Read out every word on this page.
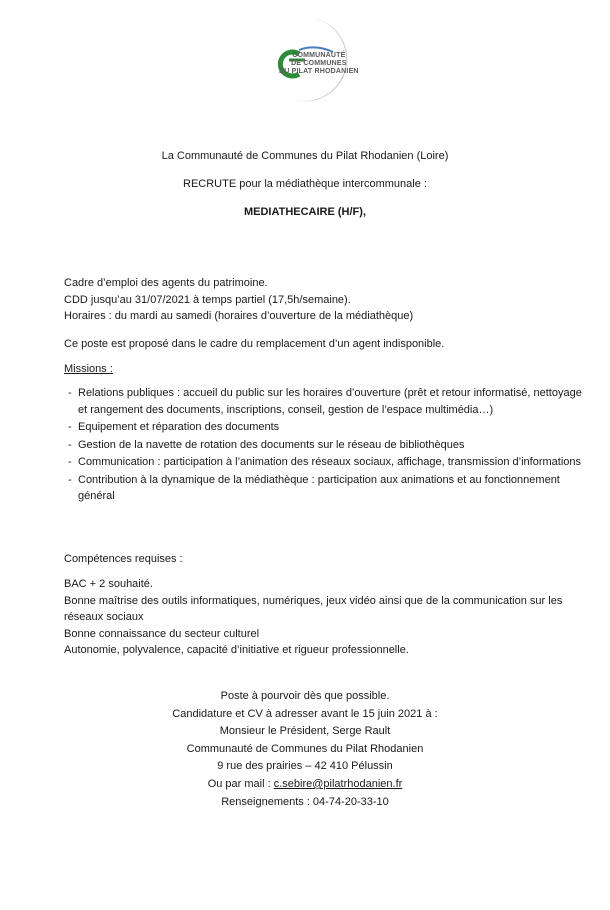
COMMUNAUTÉ
DE COMMUNES
DU PILAT RHODANIEN
La Communauté de Communes du Pilat Rhodanien (Loire)
RECRUTE pour la médiathèque intercommunale :
MEDIATHECAIRE (H/F),
Cadre d’emploi des agents du patrimoine.
CDD jusqu’au 31/07/2021 à temps partiel (17,5h/semaine).
Horaires : du mardi au samedi (horaires d’ouverture de la médiathèque)
Ce poste est proposé dans le cadre du remplacement d’un agent indisponible.
Missions :
- Relations publiques : accueil du public sur les horaires d’ouverture (prêt et retour informatisé, nettoyage et rangement des documents, inscriptions, conseil, gestion de l’espace multimédia…)
- Equipement et réparation des documents
- Gestion de la navette de rotation des documents sur le réseau de bibliothèques
- Communication : participation à l’animation des réseaux sociaux, affichage, transmission d’informations
- Contribution à la dynamique de la médiathèque : participation aux animations et au fonctionnement général
Compétences requises :
BAC + 2 souhaité.
Bonne maîtrise des outils informatiques, numériques, jeux vidéo ainsi que de la communication sur les réseaux sociaux
Bonne connaissance du secteur culturel
Autonomie, polyvalence, capacité d’initiative et rigueur professionnelle.
Poste à pourvoir dès que possible.
Candidature et CV à adresser avant le 15 juin 2021 à :
Monsieur le Président, Serge Rault
Communauté de Communes du Pilat Rhodanien
9 rue des prairies – 42 410 Pélussin
Ou par mail : c.sebire@pilatrhodanien.fr
Renseignements : 04-74-20-33-10
